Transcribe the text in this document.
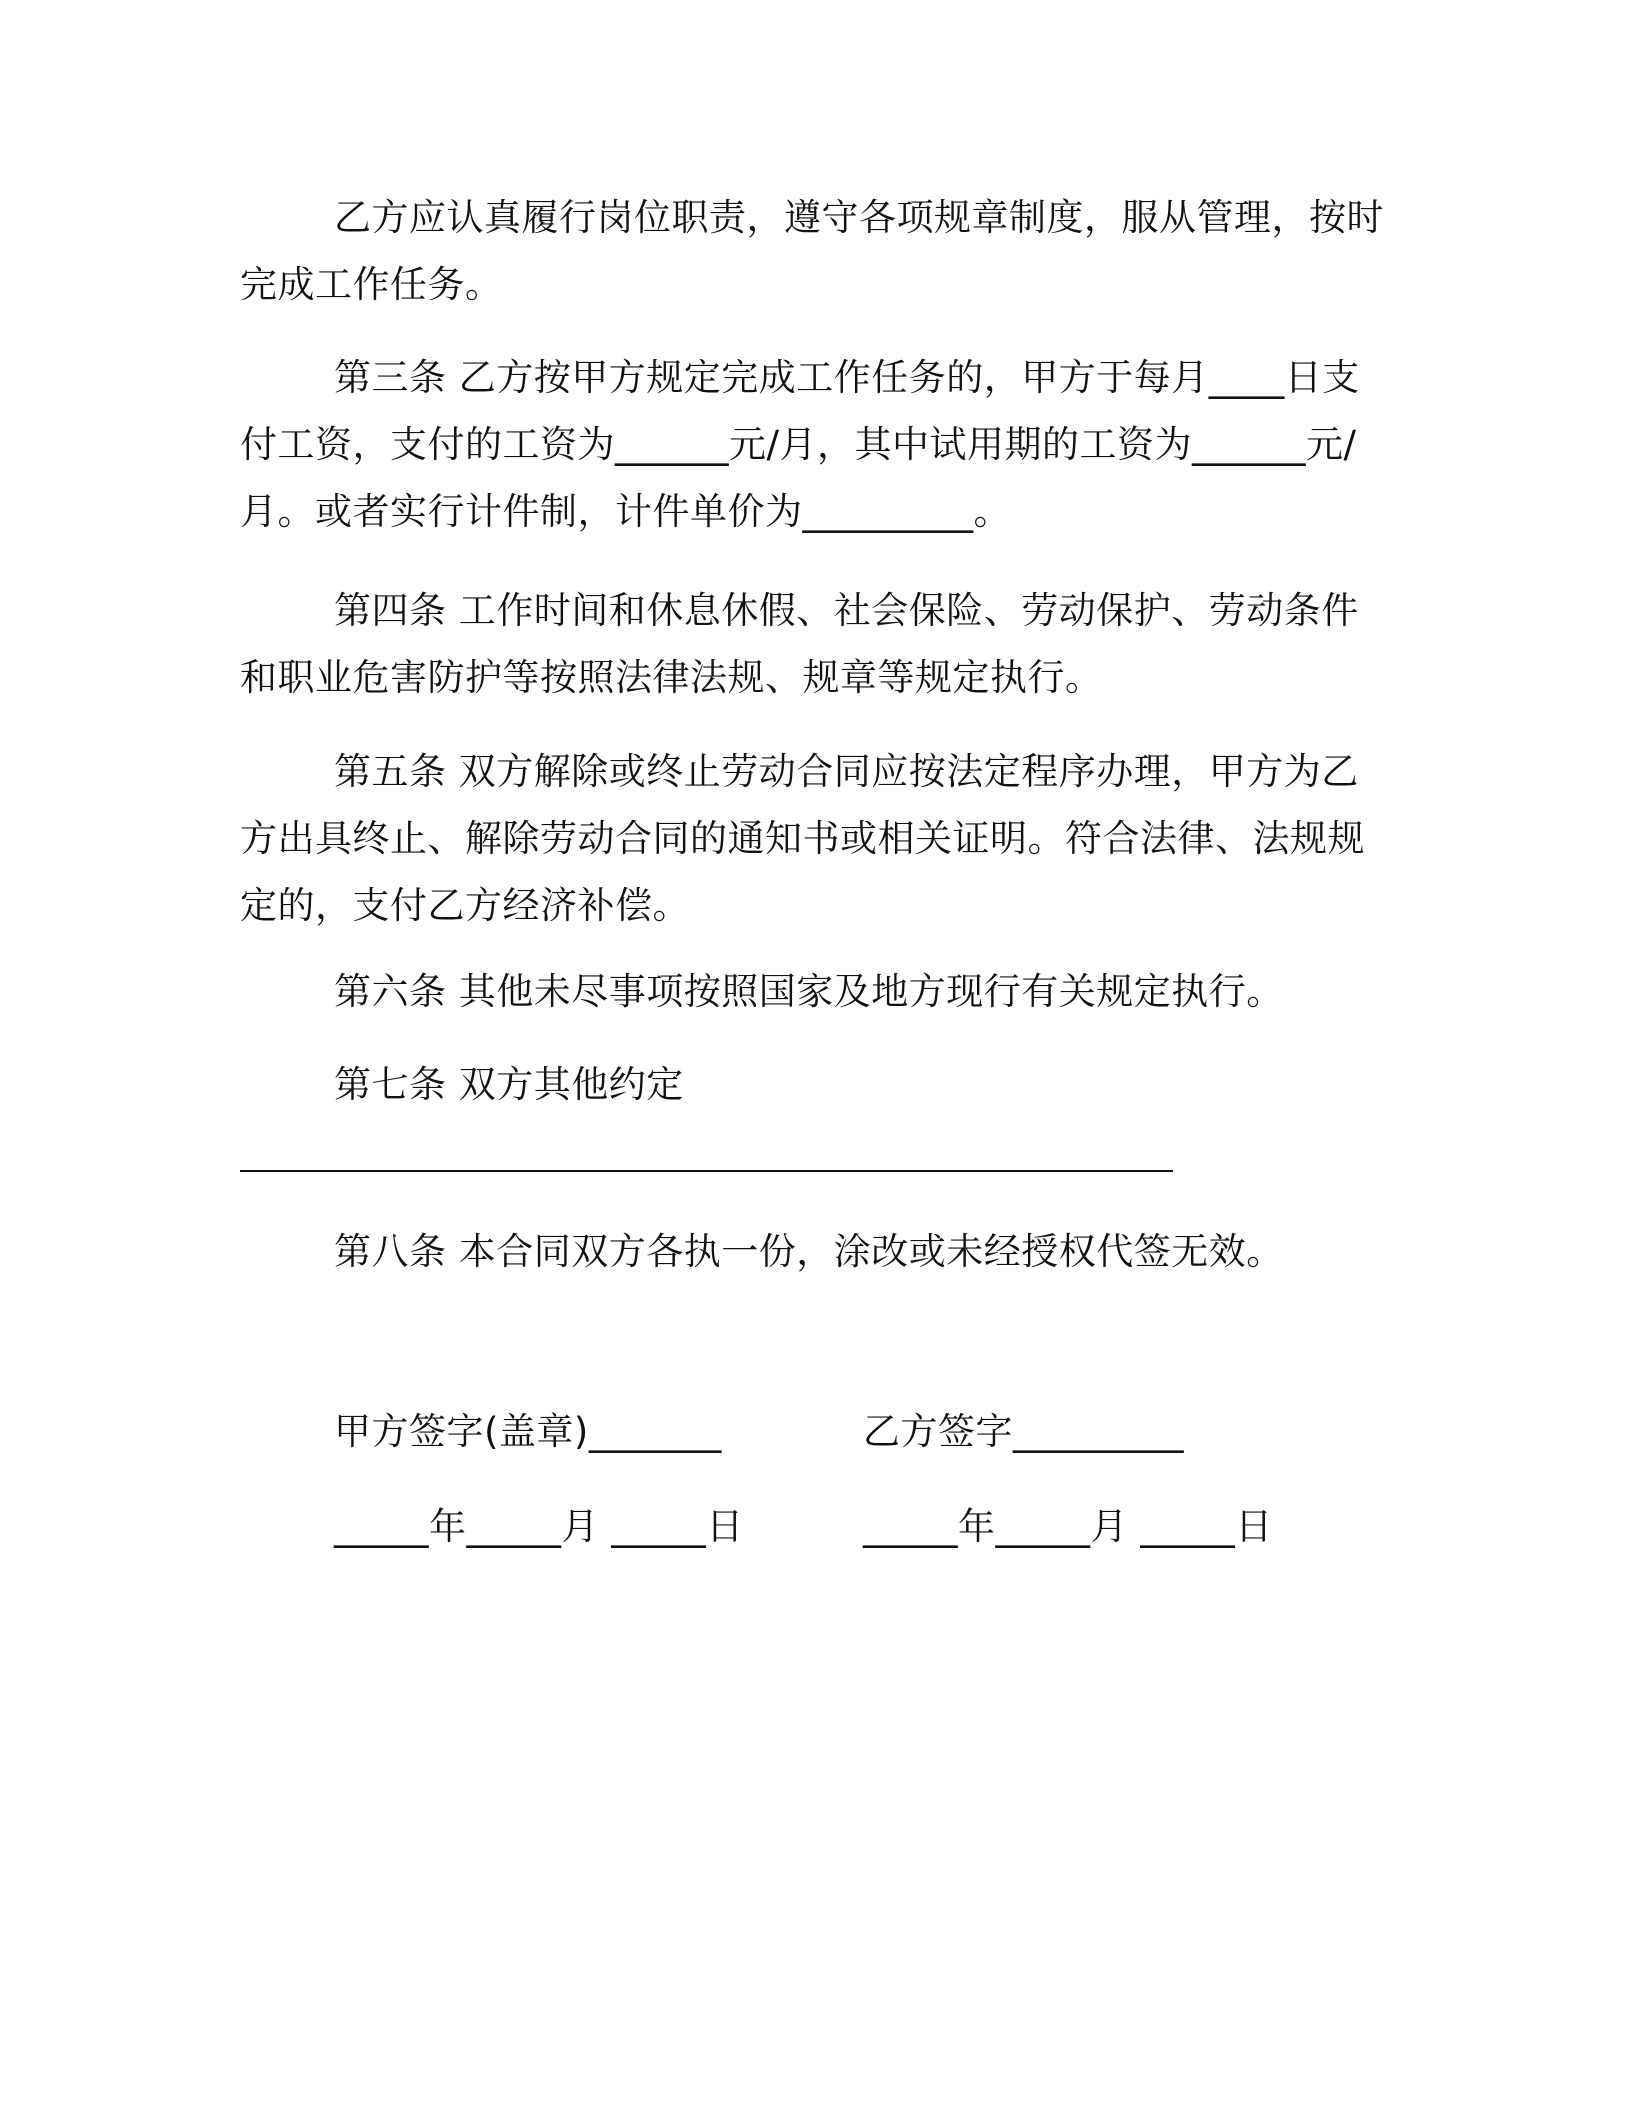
乙方应认真履行岗位职责，遵守各项规章制度，服从管理，按时完成工作任务。

第三条 乙方按甲方规定完成工作任务的，甲方于每月____日支付工资，支付的工资为______元/月，其中试用期的工资为______元/月。或者实行计件制，计件单价为_________。

第四条 工作时间和休息休假、社会保险、劳动保护、劳动条件和职业危害防护等按照法律法规、规章等规定执行。

第五条 双方解除或终止劳动合同应按法定程序办理，甲方为乙方出具终止、解除劳动合同的通知书或相关证明。符合法律、法规规定的，支付乙方经济补偿。

第六条 其他未尽事项按照国家及地方现行有关规定执行。

第七条 双方其他约定

第八条 本合同双方各执一份，涂改或未经授权代签无效。

甲方签字(盖章)_______	乙方签字_________
_____年_____月 _____日	_____年_____月 _____日
